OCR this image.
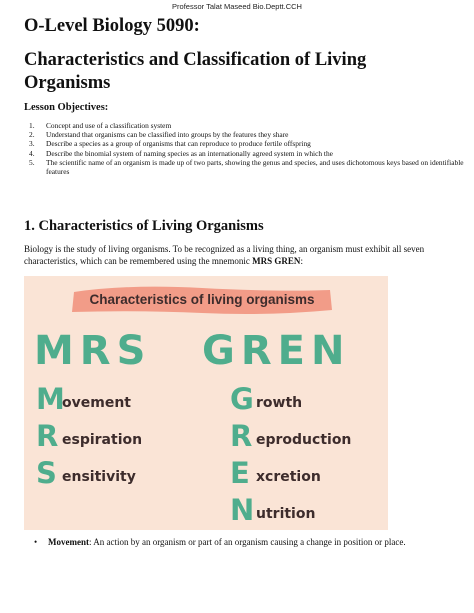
Professor Talat Maseed Bio.Deptt.CCH
O-Level Biology 5090:
Characteristics and Classification of Living Organisms
Lesson Objectives:
1.	Concept and use of a classification system
2.	Understand that organisms can be classified into groups by the features they share
3.	Describe a species as a group of organisms that can reproduce to produce fertile offspring
4.	Describe the binomial system of naming species as an internationally agreed system in which the
5.	The scientific name of an organism is made up of two parts, showing the genus and species, and uses dichotomous keys based on identifiable features
1. Characteristics of Living Organisms
Biology is the study of living organisms. To be recognized as a living thing, an organism must exhibit all seven characteristics, which can be remembered using the mnemonic MRS GREN:
Characteristics of living organisms
MRS GREN
M
ovement
R espiration
S ensitivity
G rowth
R eproduction
E xcretion
N utrition
•	Movement: An action by an organism or part of an organism causing a change in position or place.
